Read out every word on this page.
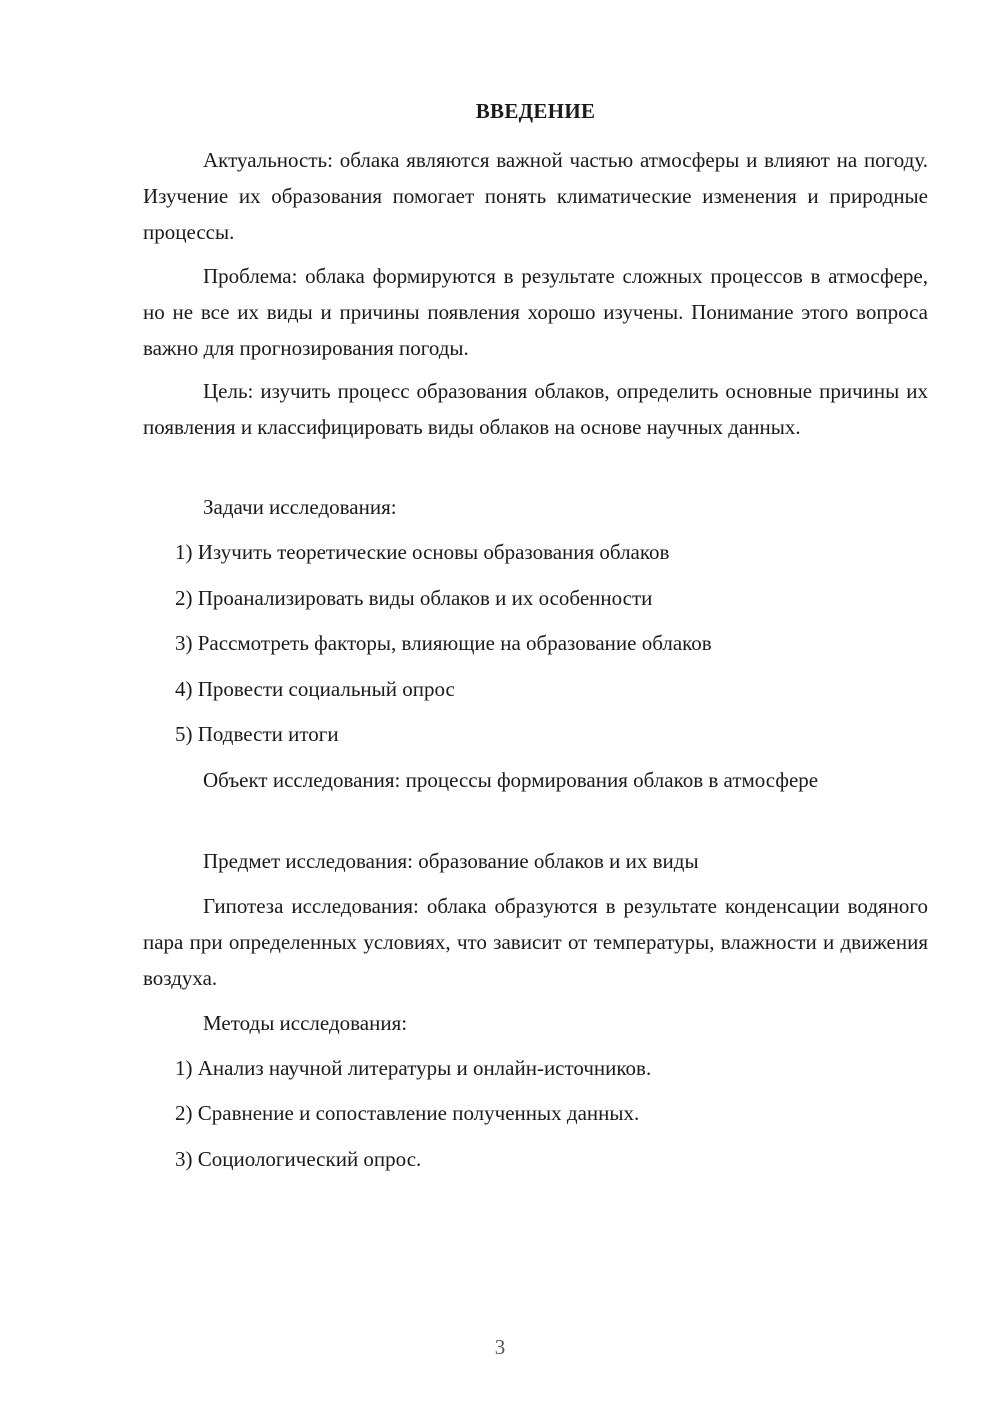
ВВЕДЕНИЕ
Актуальность: облака являются важной частью атмосферы и влияют на погоду. Изучение их образования помогает понять климатические изменения и природные процессы.
Проблема: облака формируются в результате сложных процессов в атмосфере, но не все их виды и причины появления хорошо изучены. Понимание этого вопроса важно для прогнозирования погоды.
Цель: изучить процесс образования облаков, определить основные причины их появления и классифицировать виды облаков на основе научных данных.
Задачи исследования:
1) Изучить теоретические основы образования облаков
2) Проанализировать виды облаков и их особенности
3) Рассмотреть факторы, влияющие на образование облаков
4) Провести социальный опрос
5) Подвести итоги
Объект исследования: процессы формирования облаков в атмосфере
Предмет исследования: образование облаков и их виды
Гипотеза исследования: облака образуются в результате конденсации водяного пара при определенных условиях, что зависит от температуры, влажности и движения воздуха.
Методы исследования:
1) Анализ научной литературы и онлайн-источников.
2) Сравнение и сопоставление полученных данных.
3) Социологический опрос.
3
